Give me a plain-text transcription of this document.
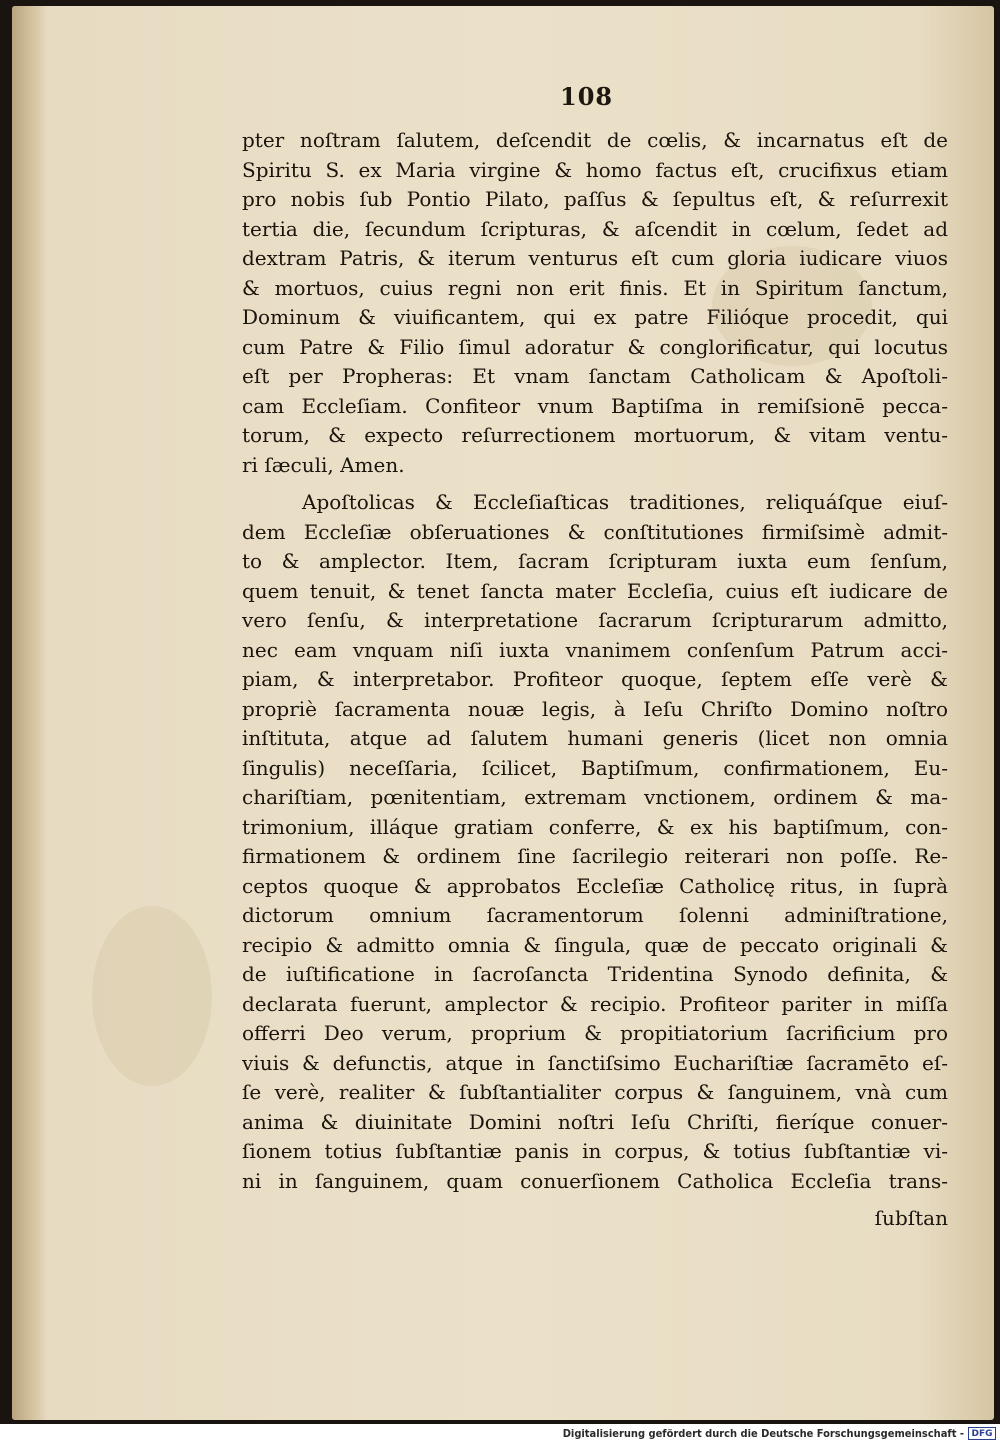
108
pter noſtram ſalutem, deſcendit de cœlis, & incarnatus eſt de
Spiritu S. ex Maria virgine & homo factus eſt, crucifixus etiam
pro nobis ſub Pontio Pilato, paſſus & ſepultus eſt, & reſurrexit
tertia die, ſecundum ſcripturas, & aſcendit in cœlum, ſedet ad
dextram Patris, & iterum venturus eſt cum gloria iudicare viuos
& mortuos, cuius regni non erit finis. Et in Spiritum ſanctum,
Dominum & viuificantem, qui ex patre Filióque procedit, qui
cum Patre & Filio ſimul adoratur & conglorificatur, qui locutus
eſt per Propheras: Et vnam ſanctam Catholicam & Apoſtoli-
cam Eccleſiam. Confiteor vnum Baptiſma in remiſsionē pecca-
torum, & expecto reſurrectionem mortuorum, & vitam ventu-
ri ſæculi, Amen.
Apoſtolicas & Eccleſiaſticas traditiones, reliquáſque eiuſ-
dem Eccleſiæ obſeruationes & conſtitutiones firmiſsimè admit-
to & amplector. Item, ſacram ſcripturam iuxta eum ſenſum,
quem tenuit, & tenet ſancta mater Eccleſia, cuius eſt iudicare de
vero ſenſu, & interpretatione ſacrarum ſcripturarum admitto,
nec eam vnquam niſi iuxta vnanimem conſenſum Patrum acci-
piam, & interpretabor. Profiteor quoque, ſeptem eſſe verè &
propriè ſacramenta nouæ legis, à Ieſu Chriſto Domino noſtro
inſtituta, atque ad ſalutem humani generis (licet non omnia
ſingulis) neceſſaria, ſcilicet, Baptiſmum, confirmationem, Eu-
chariſtiam, pœnitentiam, extremam vnctionem, ordinem & ma-
trimonium, illáque gratiam conferre, & ex his baptiſmum, con-
firmationem & ordinem ſine ſacrilegio reiterari non poſſe. Re-
ceptos quoque & approbatos Eccleſiæ Catholicę ritus, in ſuprà
dictorum omnium ſacramentorum ſolenni adminiſtratione,
recipio & admitto omnia & ſingula, quæ de peccato originali &
de iuſtificatione in ſacroſancta Tridentina Synodo definita, &
declarata fuerunt, amplector & recipio. Profiteor pariter in miſſa
offerri Deo verum, proprium & propitiatorium ſacrificium pro
viuis & defunctis, atque in ſanctiſsimo Euchariſtiæ ſacramēto eſ-
ſe verè, realiter & ſubſtantialiter corpus & ſanguinem, vnà cum
anima & diuinitate Domini noſtri Ieſu Chriſti, fieríque conuer-
ſionem totius ſubſtantiæ panis in corpus, & totius ſubſtantiæ vi-
ni in ſanguinem, quam conuerſionem Catholica Eccleſia trans-
ſubſtan
Digitalisierung gefördert durch die Deutsche Forschungsgemeinschaft - DFG
